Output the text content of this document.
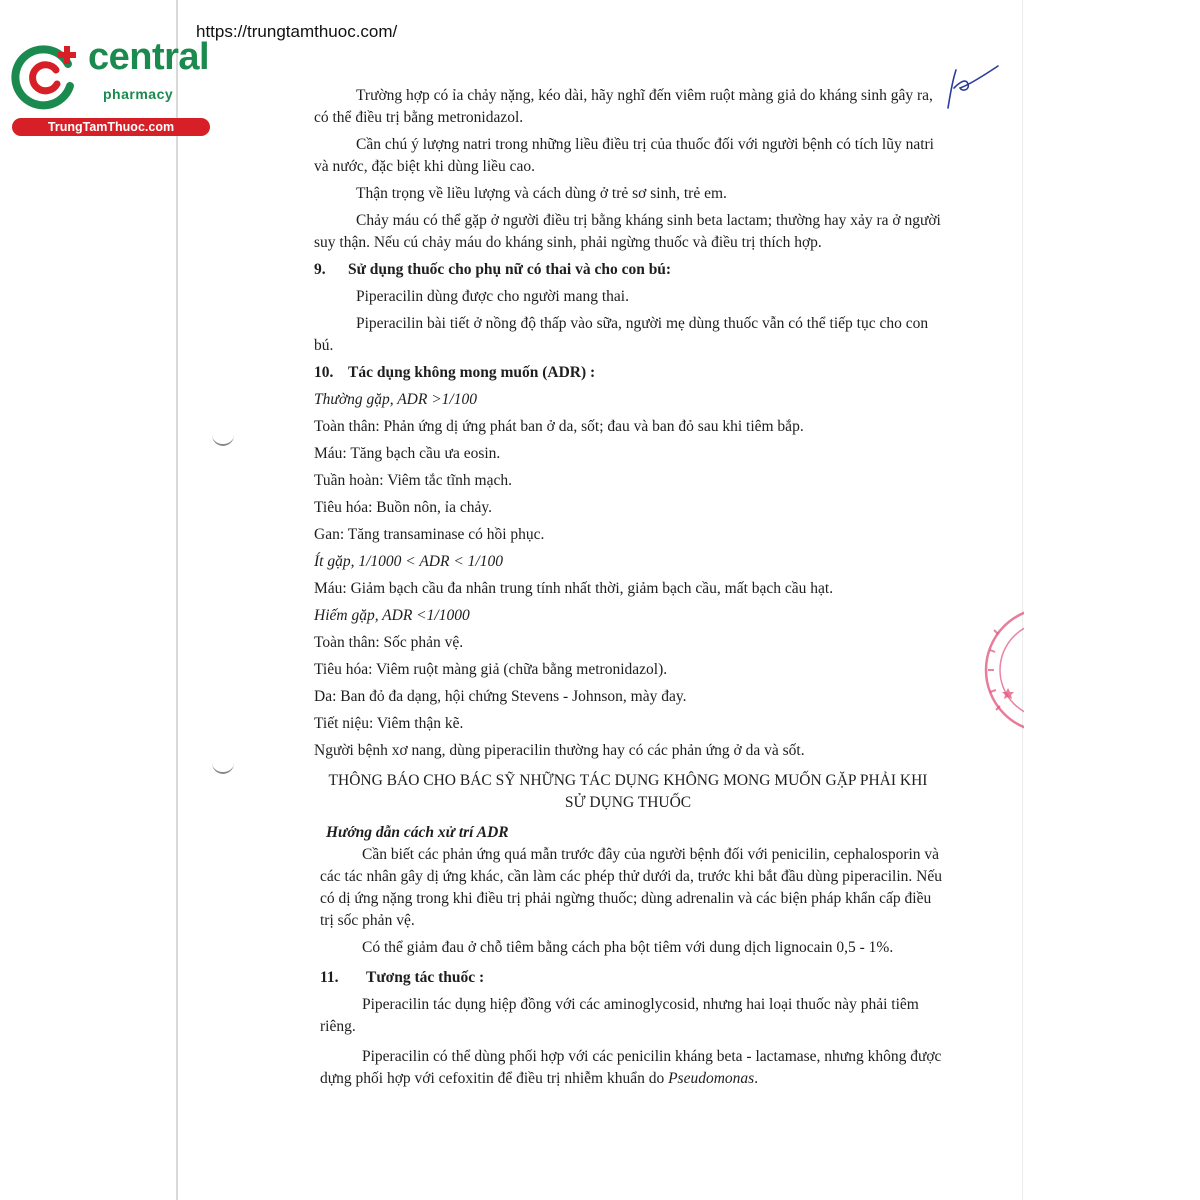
https://trungtamthuoc.com/
central
pharmacy
TrungTamThuoc.com

Trường hợp có ỉa chảy nặng, kéo dài, hãy nghĩ đến viêm ruột màng giả do kháng sinh gây ra, có thể điều trị bằng metronidazol.

Cần chú ý lượng natri trong những liều điều trị của thuốc đối với người bệnh có tích lũy natri và nước, đặc biệt khi dùng liều cao.

Thận trọng về liều lượng và cách dùng ở trẻ sơ sinh, trẻ em.

Chảy máu có thể gặp ở người điều trị bằng kháng sinh beta lactam; thường hay xảy ra ở người suy thận. Nếu cú chảy máu do kháng sinh, phải ngừng thuốc và điều trị thích hợp.

9. Sử dụng thuốc cho phụ nữ có thai và cho con bú:

Piperacilin dùng được cho người mang thai.

Piperacilin bài tiết ở nồng độ thấp vào sữa, người mẹ dùng thuốc vẫn có thể tiếp tục cho con bú.

10. Tác dụng không mong muốn (ADR) :

Thường gặp, ADR >1/100

Toàn thân: Phản ứng dị ứng phát ban ở da, sốt; đau và ban đỏ sau khi tiêm bắp.

Máu: Tăng bạch cầu ưa eosin.

Tuần hoàn: Viêm tắc tĩnh mạch.

Tiêu hóa: Buồn nôn, ỉa chảy.

Gan: Tăng transaminase có hồi phục.

Ít gặp, 1/1000 < ADR < 1/100

Máu: Giảm bạch cầu đa nhân trung tính nhất thời, giảm bạch cầu, mất bạch cầu hạt.

Hiếm gặp, ADR <1/1000

Toàn thân: Sốc phản vệ.

Tiêu hóa: Viêm ruột màng giả (chữa bằng metronidazol).

Da: Ban đỏ đa dạng, hội chứng Stevens - Johnson, mày đay.

Tiết niệu: Viêm thận kẽ.

Người bệnh xơ nang, dùng piperacilin thường hay có các phản ứng ở da và sốt.

THÔNG BÁO CHO BÁC SỸ NHỮNG TÁC DỤNG KHÔNG MONG MUỐN GẶP PHẢI KHI SỬ DỤNG THUỐC

Hướng dẫn cách xử trí ADR

Cần biết các phản ứng quá mẫn trước đây của người bệnh đối với penicilin, cephalosporin và các tác nhân gây dị ứng khác, cần làm các phép thử dưới da, trước khi bắt đầu dùng piperacilin. Nếu có dị ứng nặng trong khi điều trị phải ngừng thuốc; dùng adrenalin và các biện pháp khẩn cấp điều trị sốc phản vệ.

Có thể giảm đau ở chỗ tiêm bằng cách pha bột tiêm với dung dịch lignocain 0,5 - 1%.

11. Tương tác thuốc :

Piperacilin tác dụng hiệp đồng với các aminoglycosid, nhưng hai loại thuốc này phải tiêm riêng.

Piperacilin có thể dùng phối hợp với các penicilin kháng beta - lactamase, nhưng không được dựng phối hợp với cefoxitin để điều trị nhiễm khuẩn do Pseudomonas.
